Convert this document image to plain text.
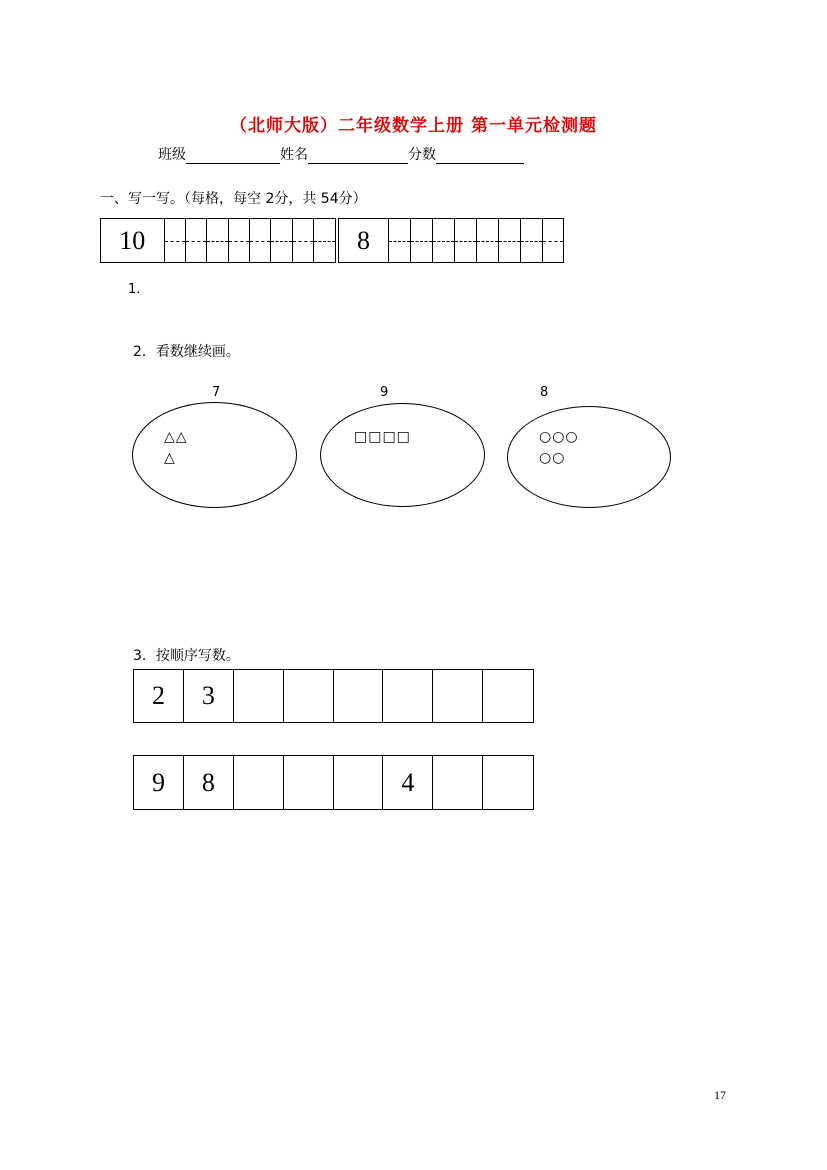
（北师大版）二年级数学上册 第一单元检测题
班级	姓名	分数
一、写一写。（每格，每空 2分，共 54分）
10	8
1．
2．看数继续画。
7
△△
△
9
□□□□
8
○○○
○○
3．按顺序写数。
2	3
9	8	4
17
